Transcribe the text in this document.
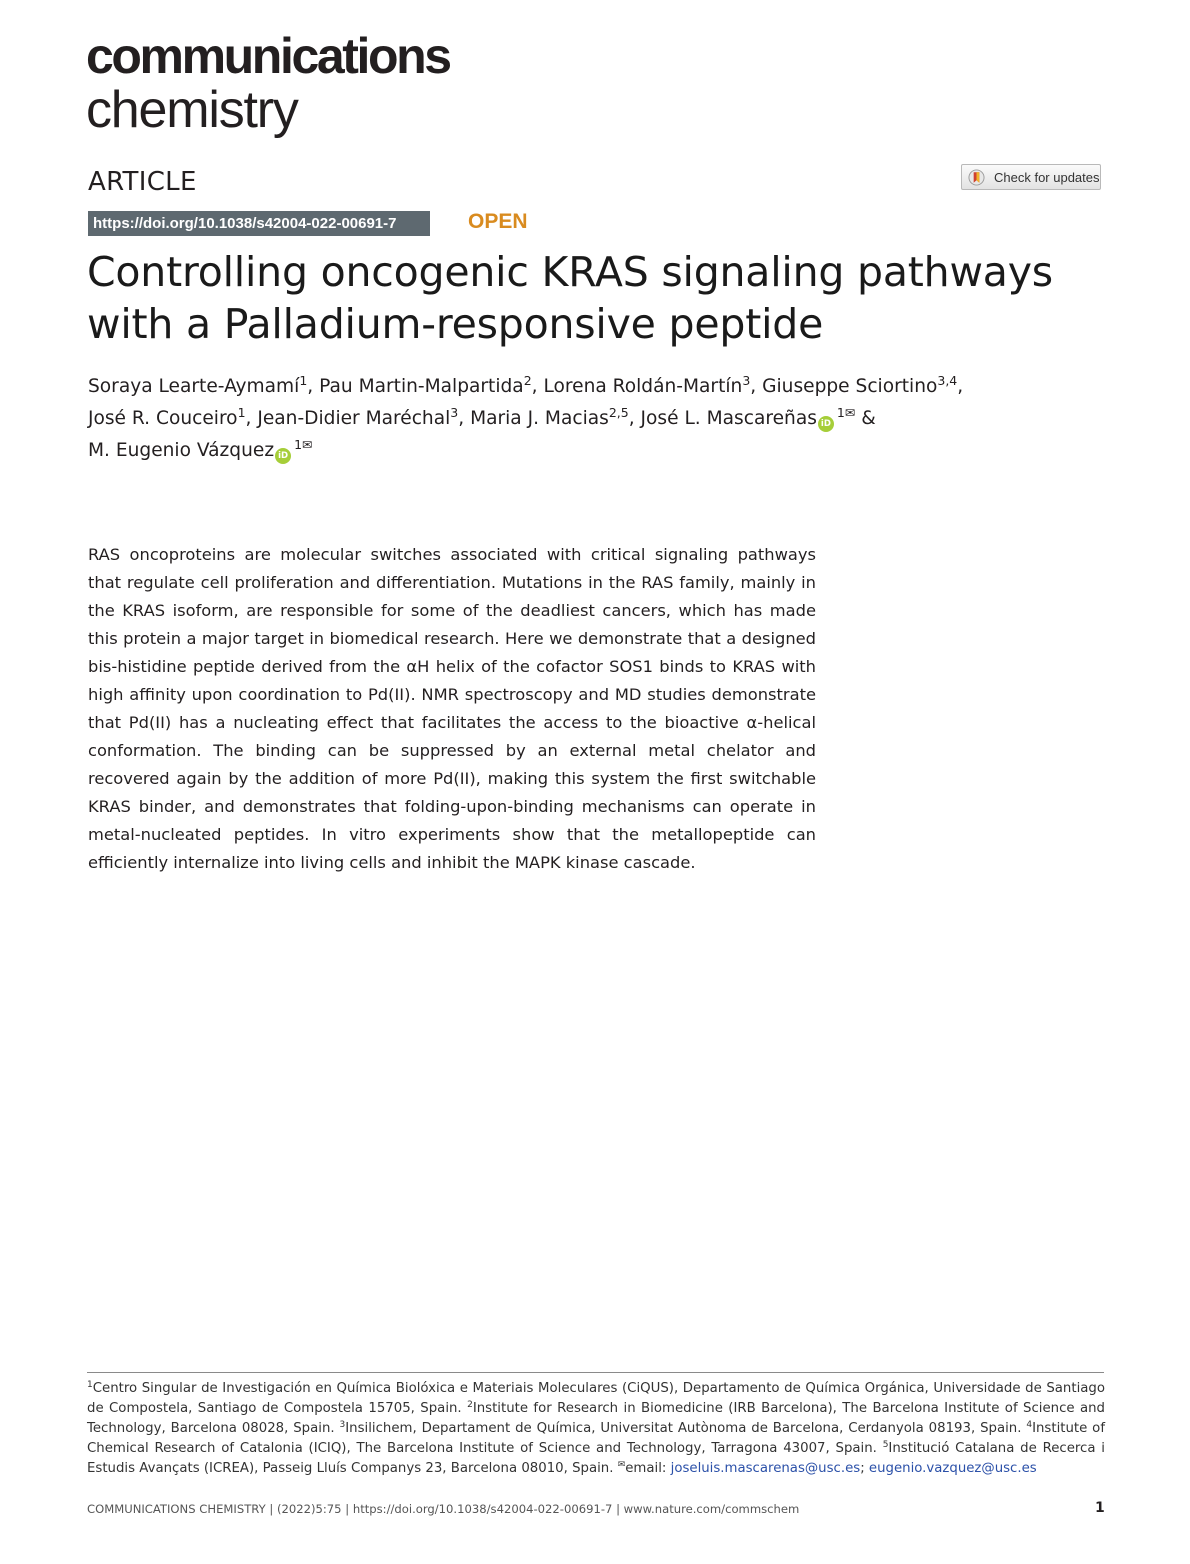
communications
chemistry
ARTICLE	Check for updates
https://doi.org/10.1038/s42004-022-00691-7	OPEN
Controlling oncogenic KRAS signaling pathways
with a Palladium-responsive peptide
Soraya Learte-Aymamí$^1$, Pau Martin-Malpartida$^2$, Lorena Roldán-Martín$^3$, Giuseppe Sciortino$^{3,4}$,
José R. Couceiro$^1$, Jean-Didier Maréchal$^3$, Maria J. Macias$^{2,5}$, José L. Mascareñas $iD^{1✉}$ &
M. Eugenio Vázquez $iD^{1✉}$
RAS oncoproteins are molecular switches associated with critical signaling pathways that regulate cell proliferation and differentiation. Mutations in the RAS family, mainly in the KRAS isoform, are responsible for some of the deadliest cancers, which has made this protein a major target in biomedical research. Here we demonstrate that a designed bis-histidine peptide derived from the αH helix of the cofactor SOS1 binds to KRAS with high affinity upon coordination to Pd(II). NMR spectroscopy and MD studies demonstrate that Pd(II) has a nucleating effect that facilitates the access to the bioactive α-helical conformation. The binding can be suppressed by an external metal chelator and recovered again by the addition of more Pd(II), making this system the first switchable KRAS binder, and demonstrates that folding-upon-binding mechanisms can operate in metal-nucleated peptides. In vitro experiments show that the metallopeptide can efficiently internalize into living cells and inhibit the MAPK kinase cascade.
$^1$Centro Singular de Investigación en Química Biolóxica e Materiais Moleculares (CiQUS), Departamento de Química Orgánica, Universidade de Santiago de Compostela, Santiago de Compostela 15705, Spain. $^2$Institute for Research in Biomedicine (IRB Barcelona), The Barcelona Institute of Science and Technology, Barcelona 08028, Spain. $^3$Insilichem, Departament de Química, Universitat Autònoma de Barcelona, Cerdanyola 08193, Spain. $^4$Institute of Chemical Research of Catalonia (ICIQ), The Barcelona Institute of Science and Technology, Tarragona 43007, Spain. $^5$Institució Catalana de Recerca i Estudis Avançats (ICREA), Passeig Lluís Companys 23, Barcelona 08010, Spain. ✉email: joseluis.mascarenas@usc.es; eugenio.vazquez@usc.es
COMMUNICATIONS CHEMISTRY | (2022)5:75 | https://doi.org/10.1038/s42004-022-00691-7 | www.nature.com/commschem	1
